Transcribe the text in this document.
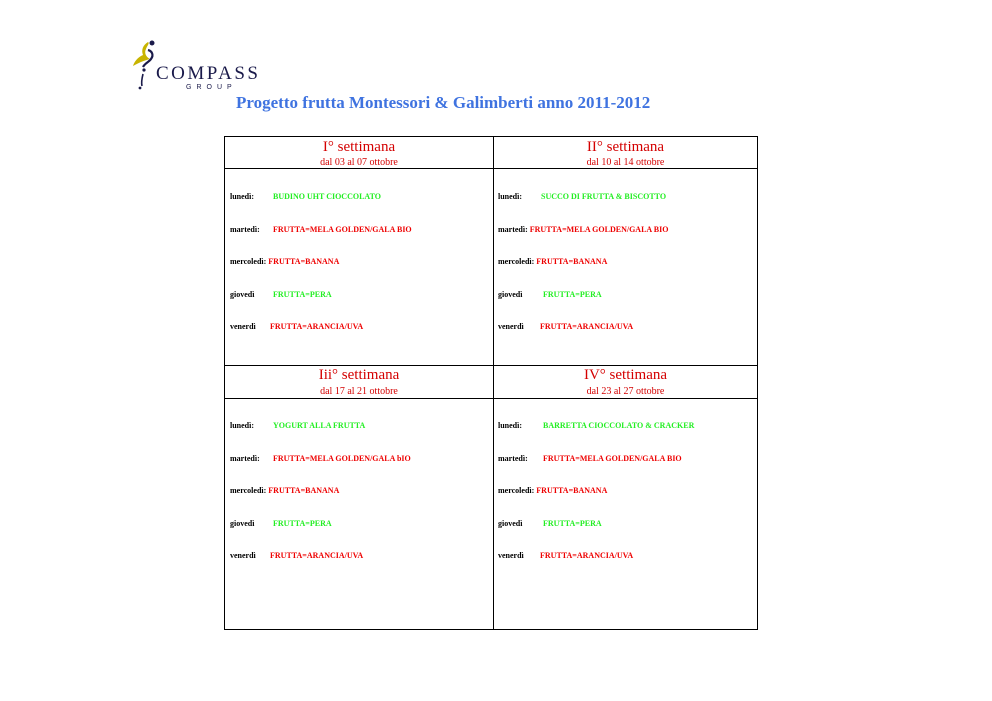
COMPASS
GROUP
Progetto frutta Montessori & Galimberti anno 2011-2012
I° settimana
dal 03 al 07 ottobre
lunedì: BUDINO UHT CIOCCOLATO
martedì: FRUTTA=MELA GOLDEN/GALA BIO
mercoledì: FRUTTA=BANANA
giovedì FRUTTA=PERA
venerdì FRUTTA=ARANCIA/UVA
II° settimana
dal 10 al 14 ottobre
lunedì: SUCCO DI FRUTTA & BISCOTTO
martedì: FRUTTA=MELA GOLDEN/GALA BIO
mercoledì: FRUTTA=BANANA
giovedì	FRUTTA=PERA
venerdì FRUTTA=ARANCIA/UVA
Iii° settimana
dal 17 al 21 ottobre
lunedì: YOGURT ALLA FRUTTA
martedì: FRUTTA=MELA GOLDEN/GALA bIO
mercoledì: FRUTTA=BANANA
giovedì FRUTTA=PERA
venerdì FRUTTA=ARANCIA/UVA
IV° settimana
dal 23 al 27 ottobre
lunedì:	BARRETTA CIOCCOLATO & CRACKER
martedì: FRUTTA=MELA GOLDEN/GALA BIO
mercoledì: FRUTTA=BANANA
giovedì	FRUTTA=PERA
venerdì FRUTTA=ARANCIA/UVA
